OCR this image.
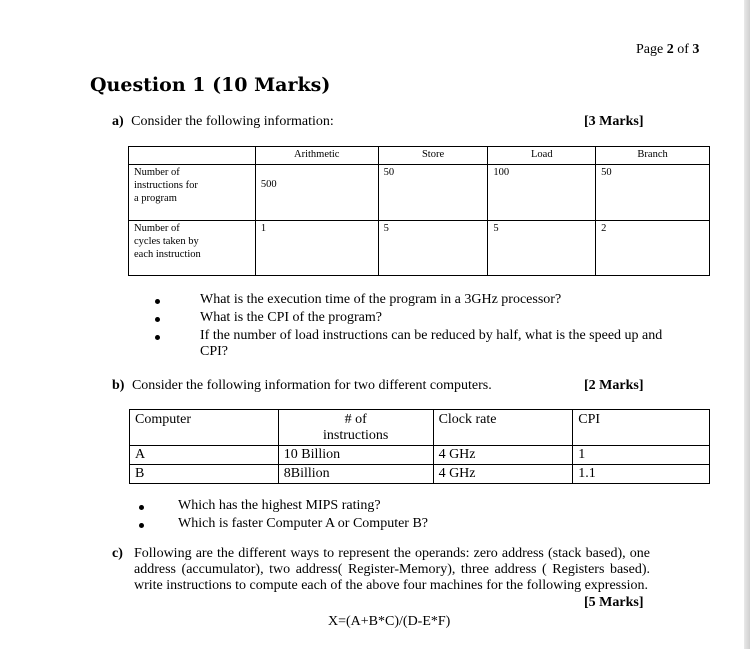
Page 2 of 3
Question 1 (10 Marks)
a) Consider the following information:	[3 Marks]
	Arithmetic	Store	Load	Branch

Number of instructions for a program	500	50	100	50

Number of cycles taken by each instruction	1	5	5	2
What is the execution time of the program in a 3GHz processor?
What is the CPI of the program?
If the number of load instructions can be reduced by half, what is the speed up and CPI?
b) Consider the following information for two different computers.	[2 Marks]
Computer	# of instructions	Clock rate	CPI
A	10 Billion	4 GHz	1
B	8Billion	4 GHz	1.1
Which has the highest MIPS rating?
Which is faster Computer A or Computer B?
c) Following are the different ways to represent the operands: zero address (stack based), one address (accumulator), two address( Register-Memory), three address ( Registers based). write instructions to compute each of the above four machines for the following expression.
[5 Marks]
X=(A+B*C)/(D-E*F)
